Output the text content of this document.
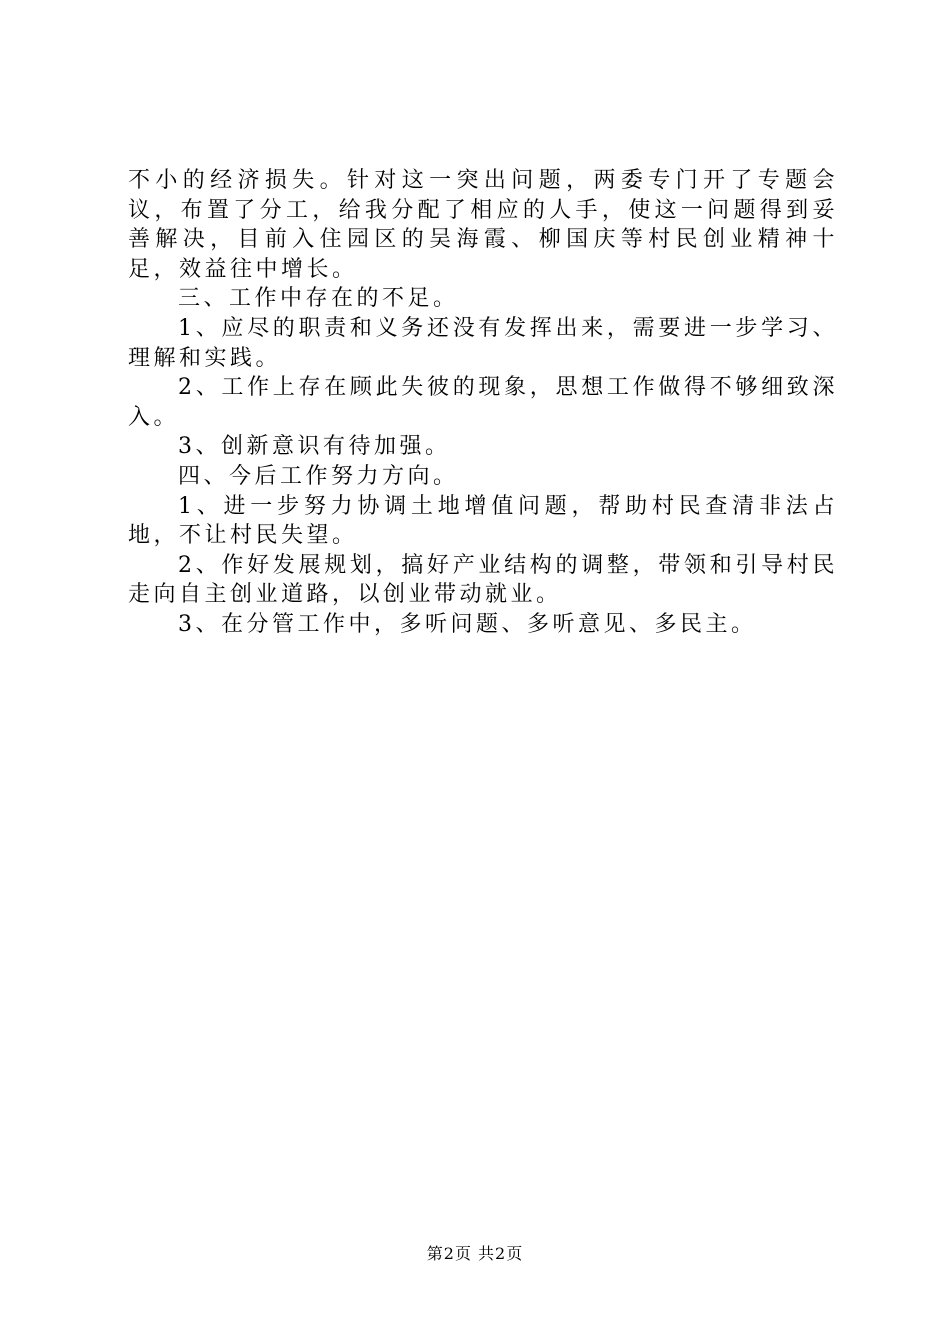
不小的经济损失。针对这一突出问题，两委专门开了专题会议，布置了分工，给我分配了相应的人手，使这一问题得到妥善解决，目前入住园区的吴海霞、柳国庆等村民创业精神十足，效益往中增长。

三、工作中存在的不足。

1、应尽的职责和义务还没有发挥出来，需要进一步学习、理解和实践。

2、工作上存在顾此失彼的现象，思想工作做得不够细致深入。

3、创新意识有待加强。

四、今后工作努力方向。

1、进一步努力协调土地增值问题，帮助村民查清非法占地，不让村民失望。

2、作好发展规划，搞好产业结构的调整，带领和引导村民走向自主创业道路，以创业带动就业。

3、在分管工作中，多听问题、多听意见、多民主。

第2页 共2页
